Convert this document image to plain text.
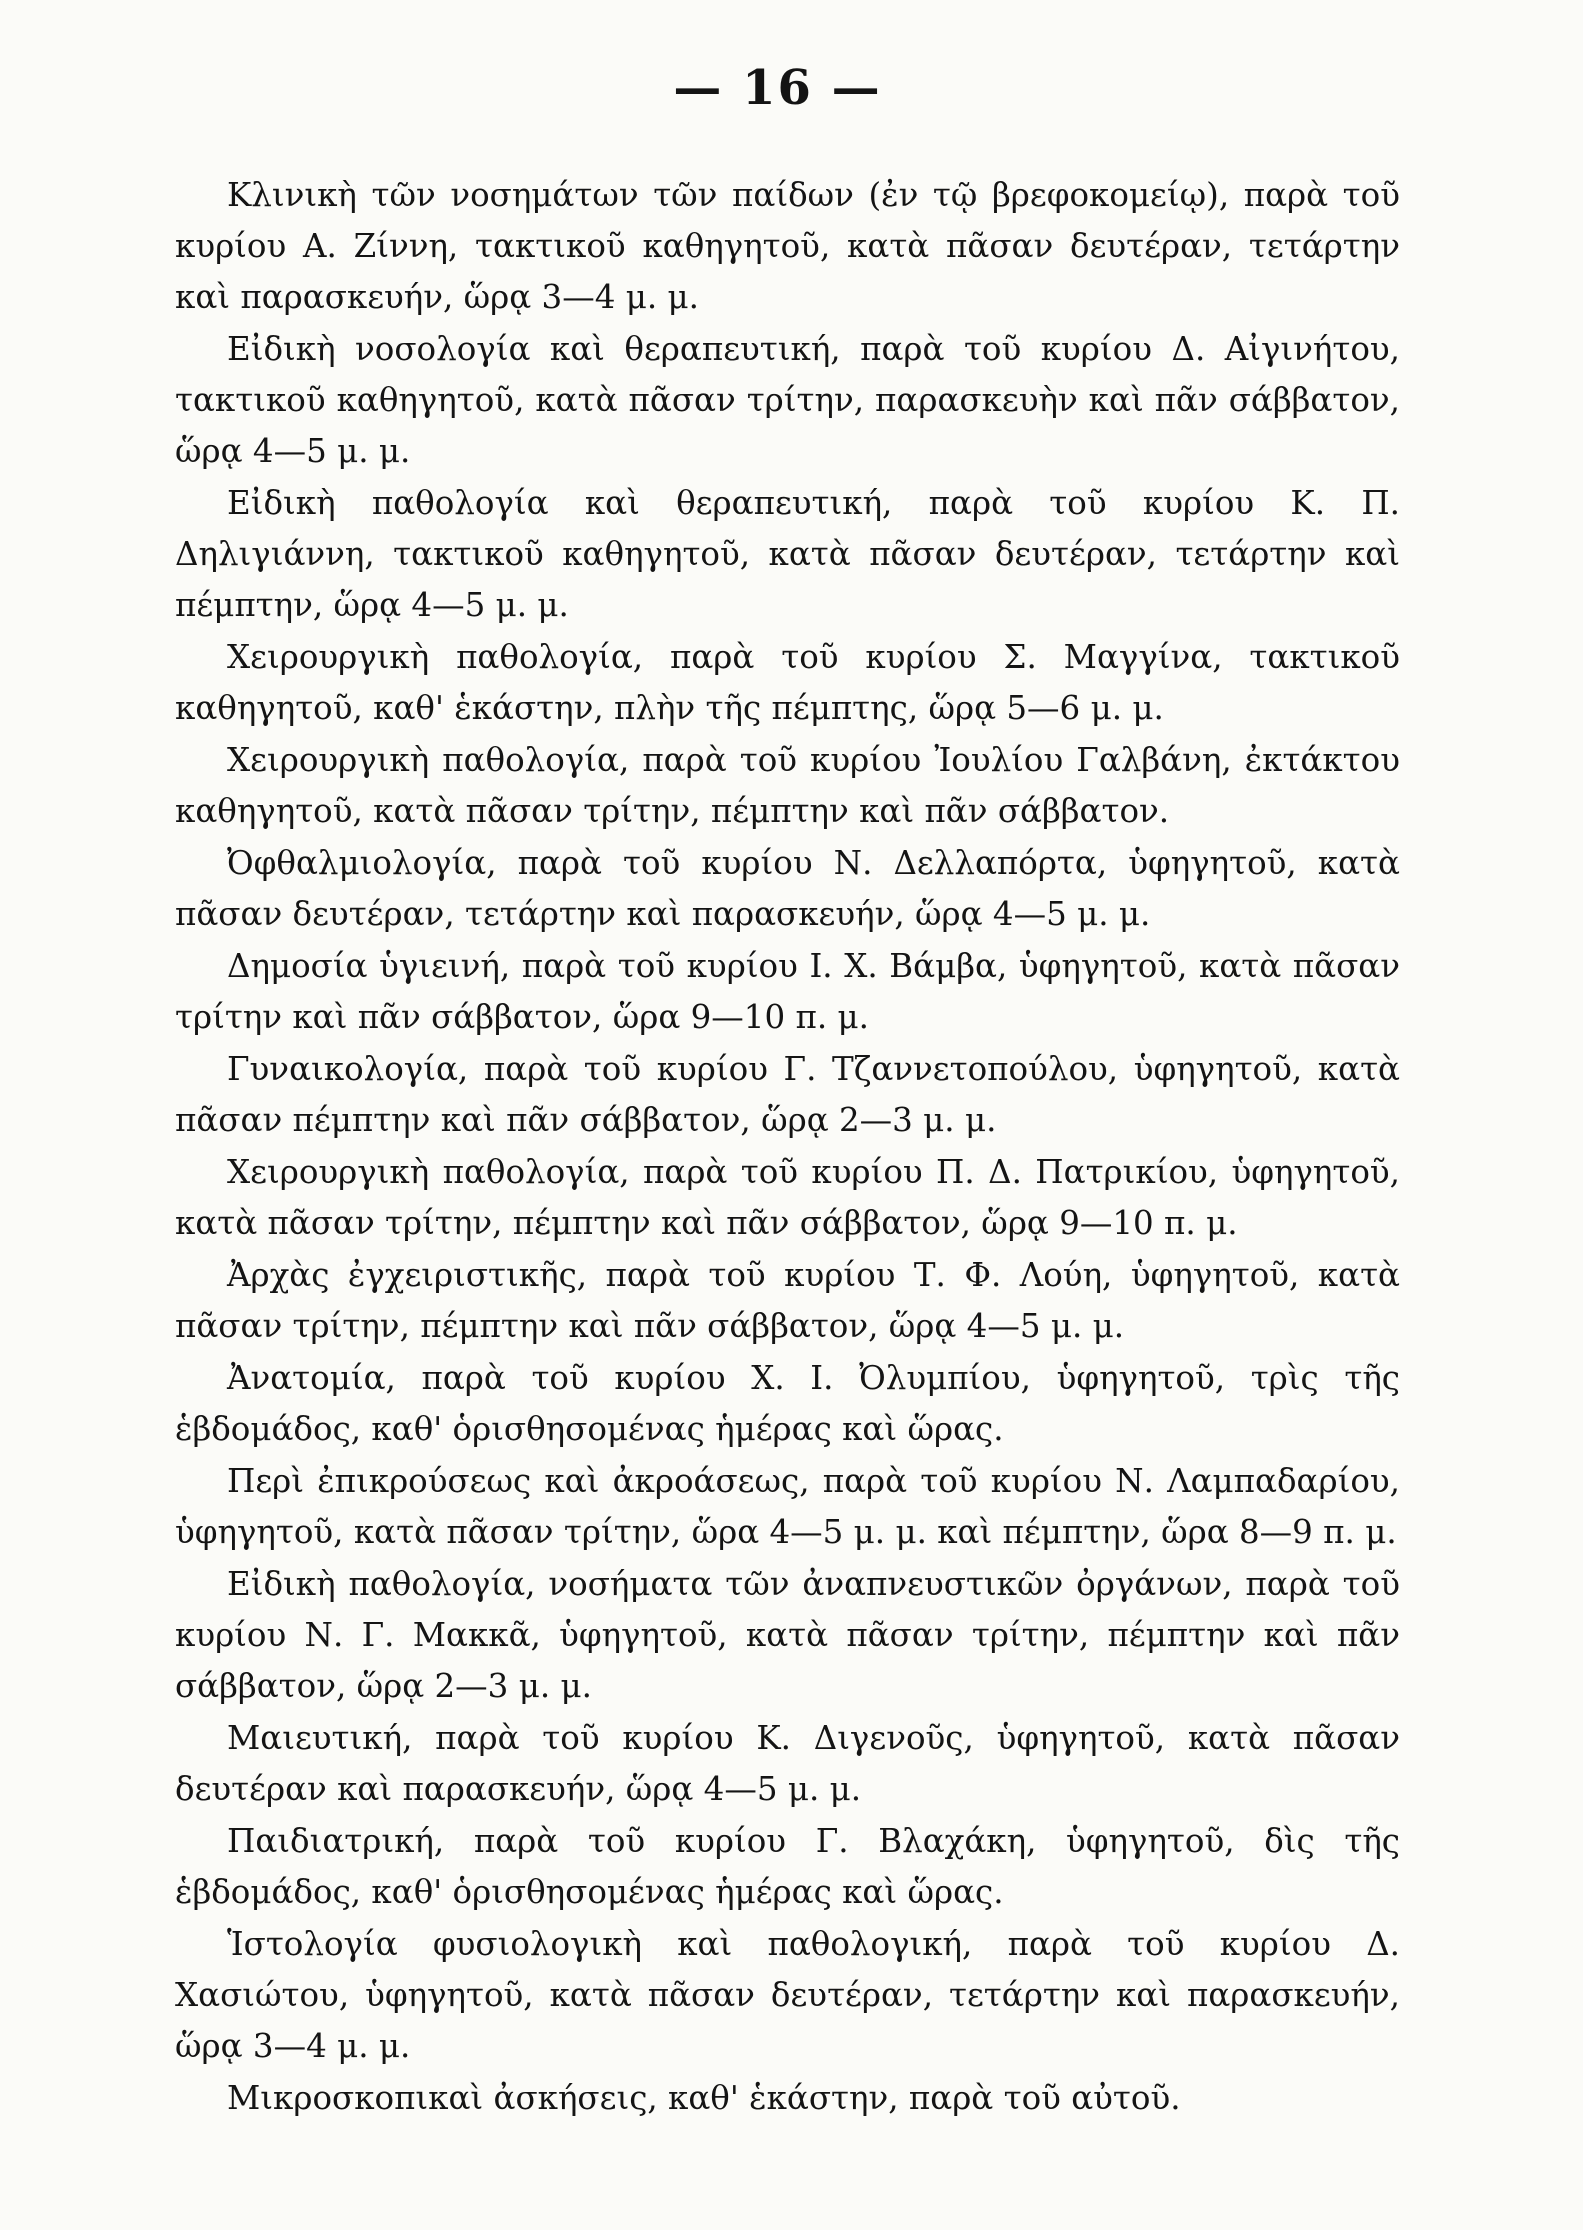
— 16 —

Κλινικὴ τῶν νοσημάτων τῶν παίδων (ἐν τῷ βρεφοκομείῳ), παρὰ τοῦ κυρίου Α. Ζίννη, τακτικοῦ καθηγητοῦ, κατὰ πᾶσαν δευτέραν, τετάρτην καὶ παρασκευήν, ὥρᾳ 3—4 μ. μ.

Εἰδικὴ νοσολογία καὶ θεραπευτική, παρὰ τοῦ κυρίου Δ. Αἰγινήτου, τακτικοῦ καθηγητοῦ, κατὰ πᾶσαν τρίτην, παρασκευὴν καὶ πᾶν σάββατον, ὥρᾳ 4—5 μ. μ.

Εἰδικὴ παθολογία καὶ θεραπευτική, παρὰ τοῦ κυρίου Κ. Π. Δηλιγιάννη, τακτικοῦ καθηγητοῦ, κατὰ πᾶσαν δευτέραν, τετάρτην καὶ πέμπτην, ὥρᾳ 4—5 μ. μ.

Χειρουργικὴ παθολογία, παρὰ τοῦ κυρίου Σ. Μαγγίνα, τακτικοῦ καθηγητοῦ, καθ' ἑκάστην, πλὴν τῆς πέμπτης, ὥρᾳ 5—6 μ. μ.

Χειρουργικὴ παθολογία, παρὰ τοῦ κυρίου Ἰουλίου Γαλβάνη, ἐκτάκτου καθηγητοῦ, κατὰ πᾶσαν τρίτην, πέμπτην καὶ πᾶν σάββατον.

Ὀφθαλμιολογία, παρὰ τοῦ κυρίου Ν. Δελλαπόρτα, ὑφηγητοῦ, κατὰ πᾶσαν δευτέραν, τετάρτην καὶ παρασκευήν, ὥρᾳ 4—5 μ. μ.

Δημοσία ὑγιεινή, παρὰ τοῦ κυρίου Ι. Χ. Βάμβα, ὑφηγητοῦ, κατὰ πᾶσαν τρίτην καὶ πᾶν σάββατον, ὥρα 9—10 π. μ.

Γυναικολογία, παρὰ τοῦ κυρίου Γ. Τζαννετοπούλου, ὑφηγητοῦ, κατὰ πᾶσαν πέμπτην καὶ πᾶν σάββατον, ὥρᾳ 2—3 μ. μ.

Χειρουργικὴ παθολογία, παρὰ τοῦ κυρίου Π. Δ. Πατρικίου, ὑφηγητοῦ, κατὰ πᾶσαν τρίτην, πέμπτην καὶ πᾶν σάββατον, ὥρᾳ 9—10 π. μ.

Ἀρχὰς ἐγχειριστικῆς, παρὰ τοῦ κυρίου Τ. Φ. Λούη, ὑφηγητοῦ, κατὰ πᾶσαν τρίτην, πέμπτην καὶ πᾶν σάββατον, ὥρᾳ 4—5 μ. μ.

Ἀνατομία, παρὰ τοῦ κυρίου Χ. Ι. Ὀλυμπίου, ὑφηγητοῦ, τρὶς τῆς ἑβδομάδος, καθ' ὁρισθησομένας ἡμέρας καὶ ὥρας.

Περὶ ἐπικρούσεως καὶ ἀκροάσεως, παρὰ τοῦ κυρίου Ν. Λαμπαδαρίου, ὑφηγητοῦ, κατὰ πᾶσαν τρίτην, ὥρα 4—5 μ. μ. καὶ πέμπτην, ὥρα 8—9 π. μ.

Εἰδικὴ παθολογία, νοσήματα τῶν ἀναπνευστικῶν ὀργάνων, παρὰ τοῦ κυρίου Ν. Γ. Μακκᾶ, ὑφηγητοῦ, κατὰ πᾶσαν τρίτην, πέμπτην καὶ πᾶν σάββατον, ὥρᾳ 2—3 μ. μ.

Μαιευτική, παρὰ τοῦ κυρίου Κ. Διγενοῦς, ὑφηγητοῦ, κατὰ πᾶσαν δευτέραν καὶ παρασκευήν, ὥρᾳ 4—5 μ. μ.

Παιδιατρική, παρὰ τοῦ κυρίου Γ. Βλαχάκη, ὑφηγητοῦ, δὶς τῆς ἑβδομάδος, καθ' ὁρισθησομένας ἡμέρας καὶ ὥρας.

Ἱστολογία φυσιολογικὴ καὶ παθολογική, παρὰ τοῦ κυρίου Δ. Χασιώτου, ὑφηγητοῦ, κατὰ πᾶσαν δευτέραν, τετάρτην καὶ παρασκευήν, ὥρᾳ 3—4 μ. μ.

Μικροσκοπικαὶ ἀσκήσεις, καθ' ἑκάστην, παρὰ τοῦ αὐτοῦ.
